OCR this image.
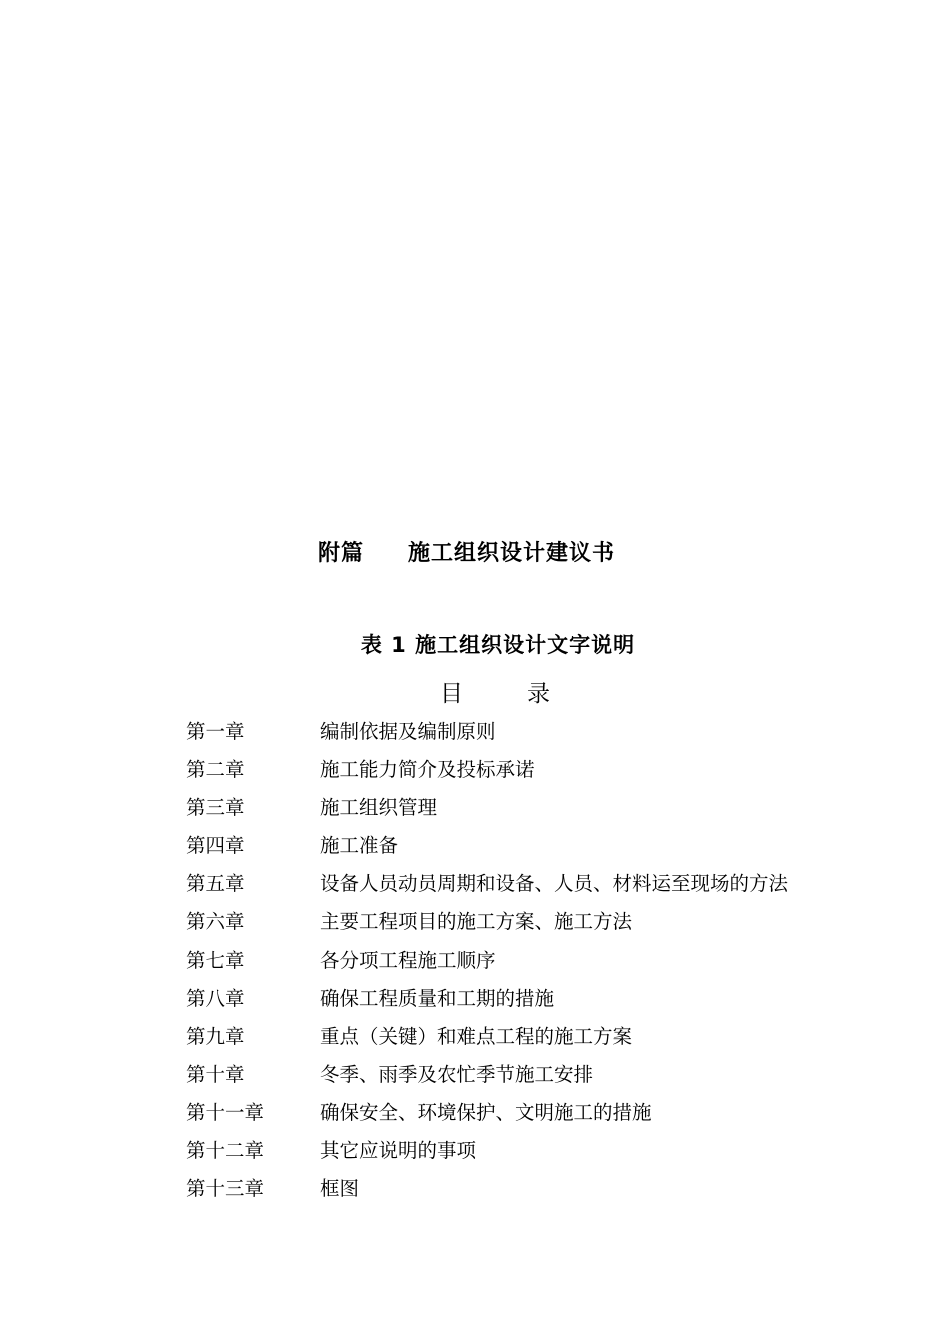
附篇 施工组织设计建议书
表 1 施工组织设计文字说明
目	录
第一章	编制依据及编制原则
第二章	施工能力简介及投标承诺
第三章	施工组织管理
第四章	施工准备
第五章	设备人员动员周期和设备、人员、材料运至现场的方法
第六章	主要工程项目的施工方案、施工方法
第七章	各分项工程施工顺序
第八章	确保工程质量和工期的措施
第九章	重点（关键）和难点工程的施工方案
第十章	冬季、雨季及农忙季节施工安排
第十一章	确保安全、环境保护、文明施工的措施
第十二章	其它应说明的事项
第十三章	框图
